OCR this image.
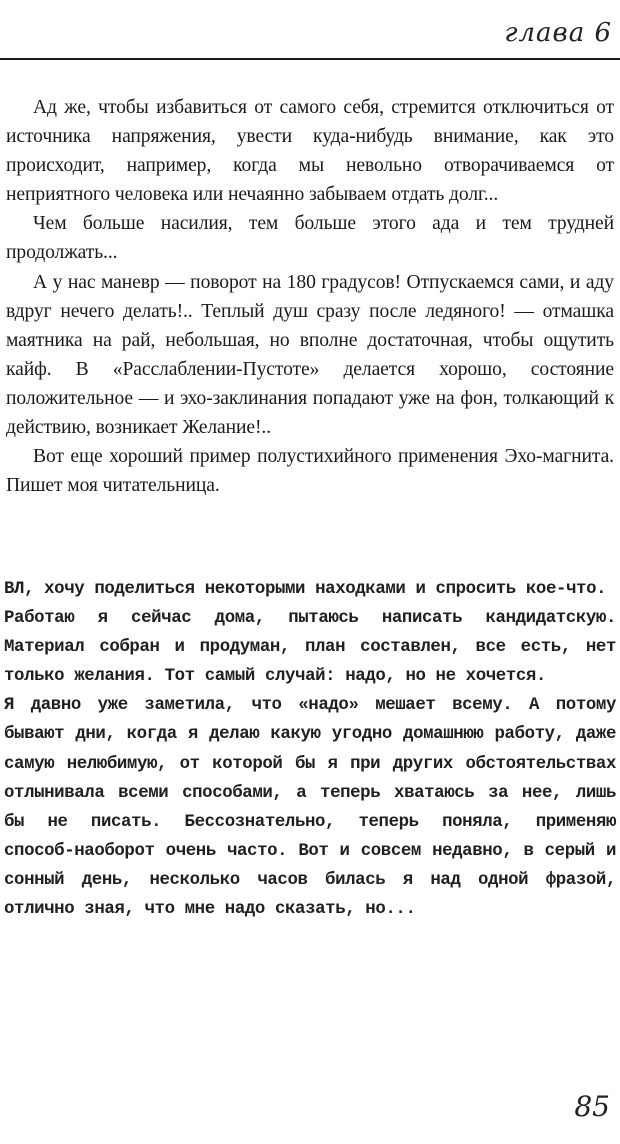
глава 6

Ад же, чтобы избавиться от самого себя, стремится отключиться от источника напряжения, увести куда-нибудь внимание, как это происходит, например, когда мы невольно отворачиваемся от неприятного человека или нечаянно забываем отдать долг...

Чем больше насилия, тем больше этого ада и тем трудней продолжать...

А у нас маневр — поворот на 180 градусов! Отпускаемся сами, и аду вдруг нечего делать!.. Теплый душ сразу после ледяного! — отмашка маятника на рай, небольшая, но вполне достаточная, чтобы ощутить кайф. В «Расслаблении-Пустоте» делается хорошо, состояние положительное — и эхо-заклинания попадают уже на фон, толкающий к действию, возникает Желание!..

Вот еще хороший пример полустихийного применения Эхо-магнита. Пишет моя читательница.

ВЛ, хочу поделиться некоторыми находками и спросить кое-что.

Работаю я сейчас дома, пытаюсь написать кандидатскую. Материал собран и продуман, план составлен, все есть, нет только желания. Тот самый случай: надо, но не хочется.

Я давно уже заметила, что «надо» мешает всему. А потому бывают дни, когда я делаю какую угодно домашнюю работу, даже самую нелюбимую, от которой бы я при других обстоятельствах отлынивала всеми способами, а теперь хватаюсь за нее, лишь бы не писать. Бессознательно, теперь поняла, применяю способ-наоборот очень часто. Вот и совсем недавно, в серый и сонный день, несколько часов билась я над одной фразой, отлично зная, что мне надо сказать, но...

85
